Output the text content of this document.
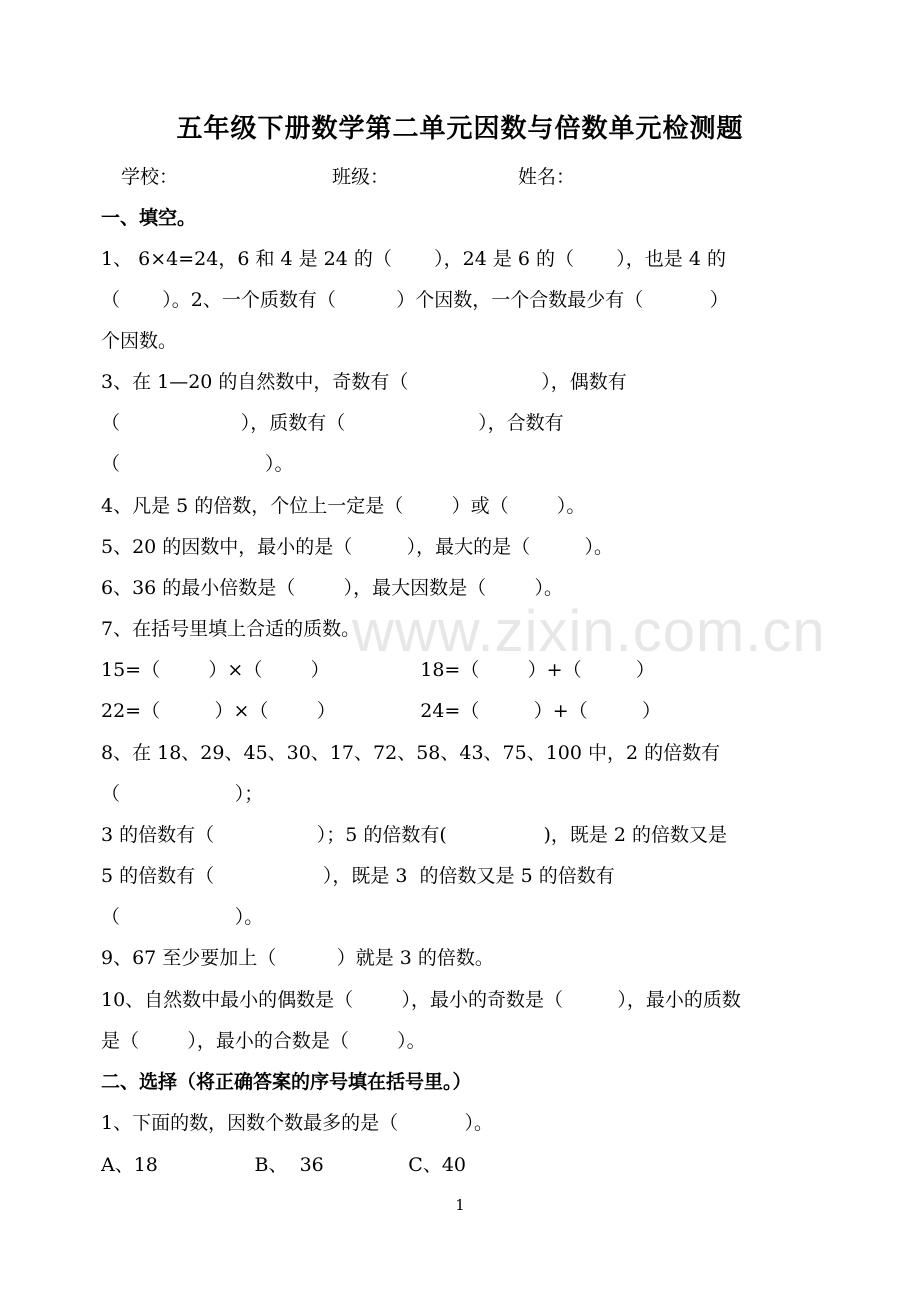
五年级下册数学第二单元因数与倍数单元检测题
学校：	班级：	姓名：
一、填空。
1、 6×4=24，6 和 4 是 24 的（       ），24 是 6 的（       ），也是 4 的
（       ）。2、一个质数有（          ）个因数，一个合数最少有（           ）
个因数。
3、在 1—20 的自然数中，奇数有（                      ），偶数有
（                    ），质数有（                      ），合数有
（                        ）。
4、凡是 5 的倍数，个位上一定是（        ）或（        ）。
5、20 的因数中，最小的是（         ），最大的是（         ）。
6、36 的最小倍数是（        ），最大因数是（        ）。
7、在括号里填上合适的质数。
15=（        ）×（        ）               18=（        ）+（         ）
22=（         ）×（        ）              24=（         ）+（         ）
8、在 18、29、45、30、17、72、58、43、75、100 中，2 的倍数有
（                   ）；
3 的倍数有（                 ）；5 的倍数有(                )，既是 2 的倍数又是
5 的倍数有（                  ），既是 3  的倍数又是 5 的倍数有
（                   ）。
9、67 至少要加上（          ）就是 3 的倍数。
10、自然数中最小的偶数是（        ），最小的奇数是（         ），最小的质数
是（        ），最小的合数是（        ）。
二、选择（将正确答案的序号填在括号里。）
1、下面的数，因数个数最多的是（           ）。
A、18                B、  36              C、40
www.zixin.com.cn
1
